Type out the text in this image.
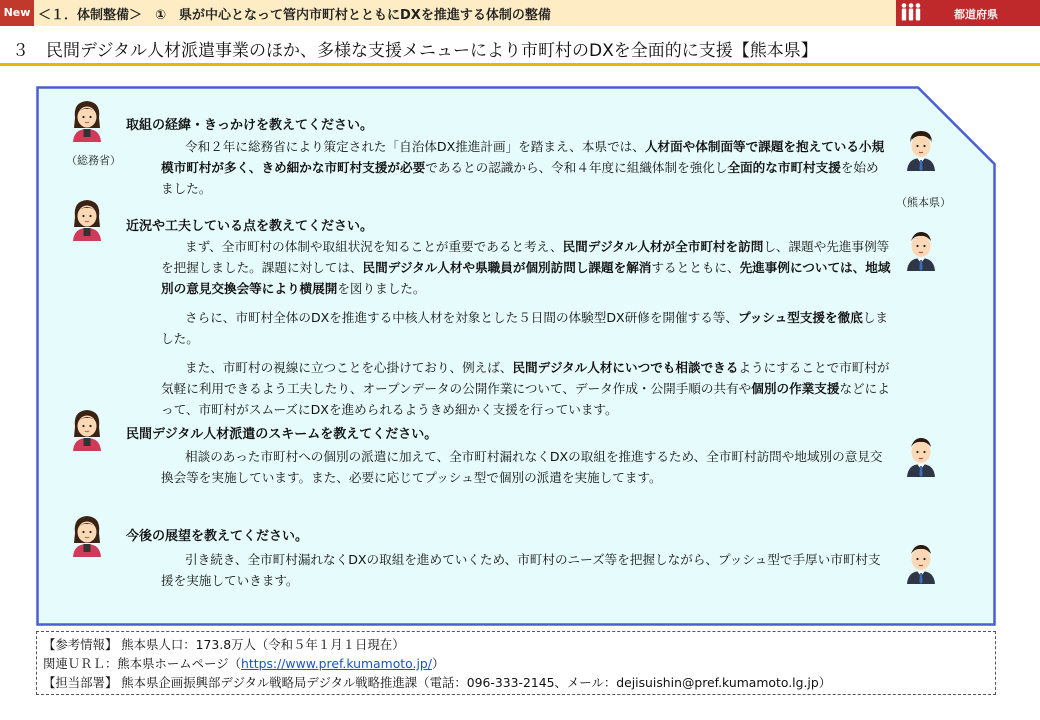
New ＜１．体制整備＞　①　県が中心となって管内市町村とともにDXを推進する体制の整備	都道府県
３　民間デジタル人材派遣事業のほか、多様な支援メニューにより市町村のDXを全面的に支援【熊本県】
（総務省）
（熊本県）
取組の経緯・きっかけを教えてください。
令和２年に総務省により策定された「自治体DX推進計画」を踏まえ、本県では、人材面や体制面等で課題を抱えている小規模市町村が多く、きめ細かな市町村支援が必要であるとの認識から、令和４年度に組織体制を強化し全面的な市町村支援を始めました。
近況や工夫している点を教えてください。
まず、全市町村の体制や取組状況を知ることが重要であると考え、民間デジタル人材が全市町村を訪問し、課題や先進事例等を把握しました。課題に対しては、民間デジタル人材や県職員が個別訪問し課題を解消するとともに、先進事例については、地域別の意見交換会等により横展開を図りました。
さらに、市町村全体のDXを推進する中核人材を対象とした５日間の体験型DX研修を開催する等、プッシュ型支援を徹底しました。
また、市町村の視線に立つことを心掛けており、例えば、民間デジタル人材にいつでも相談できるようにすることで市町村が気軽に利用できるよう工夫したり、オープンデータの公開作業について、データ作成・公開手順の共有や個別の作業支援などによって、市町村がスムーズにDXを進められるようきめ細かく支援を行っています。
民間デジタル人材派遣のスキームを教えてください。
相談のあった市町村への個別の派遣に加えて、全市町村漏れなくDXの取組を推進するため、全市町村訪問や地域別の意見交換会等を実施しています。また、必要に応じてプッシュ型で個別の派遣を実施してます。
今後の展望を教えてください。
引き続き、全市町村漏れなくDXの取組を進めていくため、市町村のニーズ等を把握しながら、プッシュ型で手厚い市町村支援を実施していきます。
【参考情報】 熊本県人口：173.8万人（令和５年１月１日現在）
関連ＵＲＬ：熊本県ホームページ（https://www.pref.kumamoto.jp/）
【担当部署】 熊本県企画振興部デジタル戦略局デジタル戦略推進課（電話：096-333-2145、メール：dejisuishin@pref.kumamoto.lg.jp）
